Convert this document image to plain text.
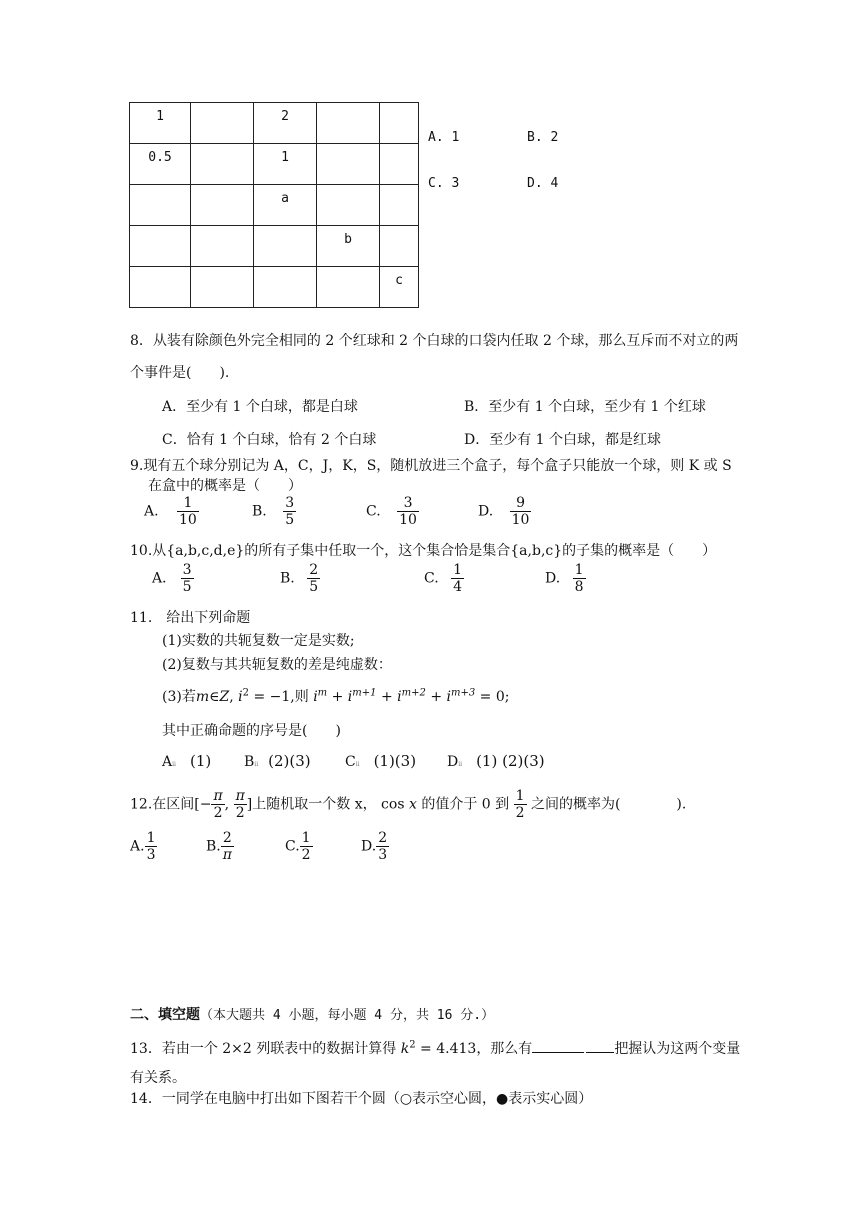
1		2		
0.5		1		
		a		
			b	
				c
A. 1	B. 2
C. 3	D. 4
8．从装有除颜色外完全相同的 2 个红球和 2 个白球的口袋内任取 2 个球，那么互斥而不对立的两
个事件是(　　).
A．至少有 1 个白球，都是白球	B．至少有 1 个白球，至少有 1 个红球
C．恰有 1 个白球，恰有 2 个白球	D．至少有 1 个白球，都是红球
9.现有五个球分别记为 A，C，J，K，S，随机放进三个盒子，每个盒子只能放一个球，则 K 或 S
在盒中的概率是（　　）
A. $\frac{1}{10}$	B. $\frac{3}{5}$	C. $\frac{3}{10}$	D. $\frac{9}{10}$
10.从{a,b,c,d,e}的所有子集中任取一个，这个集合恰是集合{a,b,c}的子集的概率是（　　）
A． $\frac{3}{5}$	B. $\frac{2}{5}$	C. $\frac{1}{4}$	D. $\frac{1}{8}$
11.　给出下列命题
(1)实数的共轭复数一定是实数;
(2)复数与其共轭复数的差是纯虚数：
(3)若m∈Z, $i^2 = -1$,则 $i^m + i^{m+1} + i^{m+2} + i^{m+3} = 0$;
其中正确命题的序号是(　　)
Aii (1) Bii (2)(3) Cii (1)(3) Dii (1) (2)(3)
12.在区间[− $\frac{\pi}{2}$ , $\frac{\pi}{2}$ ]上随机取一个数 x， cos x 的值介于 0 到 $\frac{1}{2}$ 之间的概率为(　　　　).
A. $\frac{1}{3}$	B. $\frac{2}{\pi}$	C. $\frac{1}{2}$	D. $\frac{2}{3}$
二、填空题（本大题共 4 小题，每小题 4 分，共 16 分.）
13．若由一个 2×2 列联表中的数据计算得 $k^2 = 4.413$，那么有	把握认为这两个变量
有关系。
14．一同学在电脑中打出如下图若干个圆（○表示空心圆，●表示实心圆）
